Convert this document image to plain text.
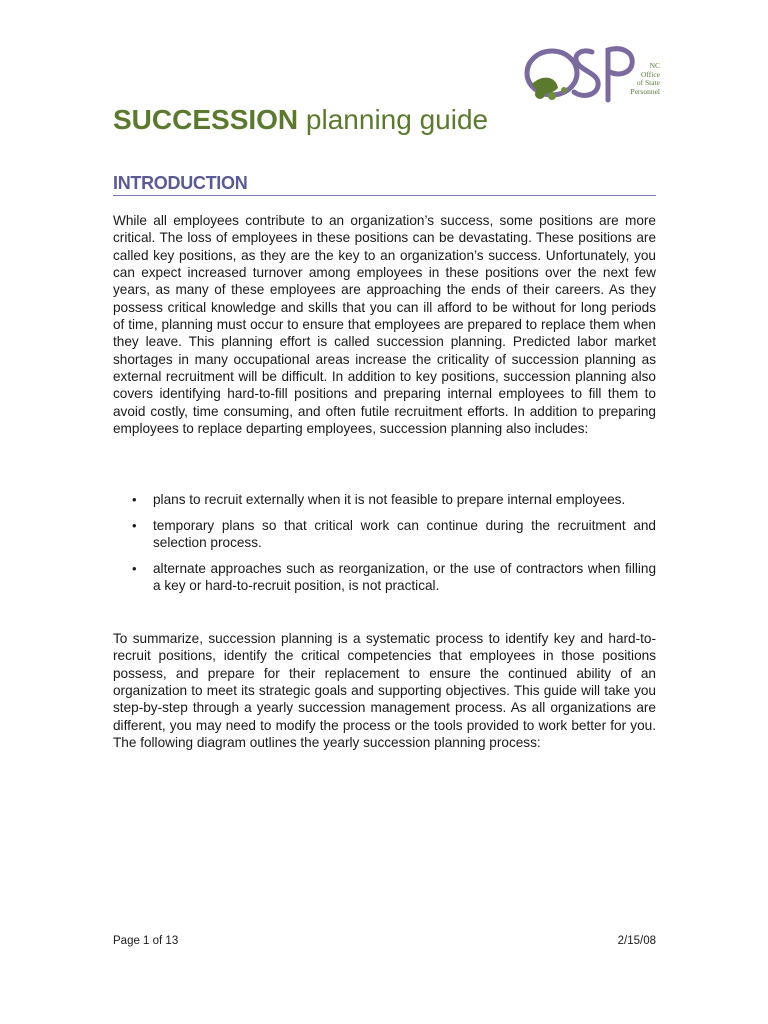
NC
Office
of State
Personnel
SUCCESSION planning guide
INTRODUCTION

While all employees contribute to an organization’s success, some positions are more critical. The loss of employees in these positions can be devastating. These positions are called key positions, as they are the key to an organization’s success. Unfortunately, you can expect increased turnover among employees in these positions over the next few years, as many of these employees are approaching the ends of their careers. As they possess critical knowledge and skills that you can ill afford to be without for long periods of time, planning must occur to ensure that employees are prepared to replace them when they leave. This planning effort is called succession planning. Predicted labor market shortages in many occupational areas increase the criticality of succession planning as external recruitment will be difficult. In addition to key positions, succession planning also covers identifying hard-to-fill positions and preparing internal employees to fill them to avoid costly, time consuming, and often futile recruitment efforts. In addition to preparing employees to replace departing employees, succession planning also includes:

• plans to recruit externally when it is not feasible to prepare internal employees.
• temporary plans so that critical work can continue during the recruitment and selection process.
• alternate approaches such as reorganization, or the use of contractors when filling a key or hard-to-recruit position, is not practical.

To summarize, succession planning is a systematic process to identify key and hard-to-recruit positions, identify the critical competencies that employees in those positions possess, and prepare for their replacement to ensure the continued ability of an organization to meet its strategic goals and supporting objectives. This guide will take you step-by-step through a yearly succession management process. As all organizations are different, you may need to modify the process or the tools provided to work better for you. The following diagram outlines the yearly succession planning process:

Page 1 of 13	2/15/08
